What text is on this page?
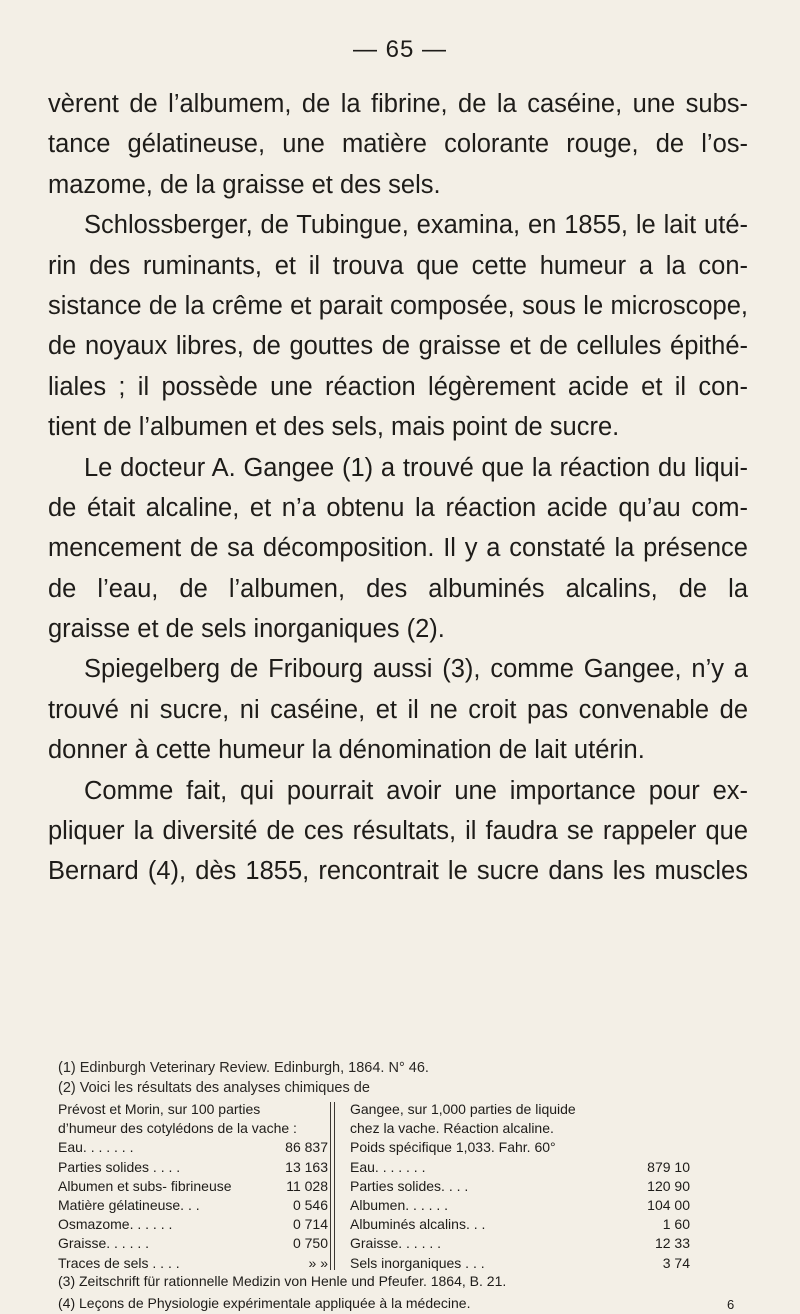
— 65 —
vèrent de l’albumem, de la fibrine, de la caséine, une subs-
tance gélatineuse, une matière colorante rouge, de l’os-
mazome, de la graisse et des sels.
Schlossberger, de Tubingue, examina, en 1855, le lait uté-
rin des ruminants, et il trouva que cette humeur a la con-
sistance de la crême et parait composée, sous le microscope,
de noyaux libres, de gouttes de graisse et de cellules épithé-
liales ; il possède une réaction légèrement acide et il con-
tient de l’albumen et des sels, mais point de sucre.
Le docteur A. Gangee (1) a trouvé que la réaction du liqui-
de était alcaline, et n’a obtenu la réaction acide qu’au com-
mencement de sa décomposition. Il y a constaté la présence
de l’eau, de l’albumen, des albuminés alcalins, de la
graisse et de sels inorganiques (2).
Spiegelberg de Fribourg aussi (3), comme Gangee, n’y a
trouvé ni sucre, ni caséine, et il ne croit pas convenable de
donner à cette humeur la dénomination de lait utérin.
Comme fait, qui pourrait avoir une importance pour ex-
pliquer la diversité de ces résultats, il faudra se rappeler que
Bernard (4), dès 1855, rencontrait le sucre dans les muscles
(1) Edinburgh Veterinary Review. Edinburgh, 1864. N° 46.
(2) Voici les résultats des analyses chimiques de
Prévost et Morin, sur 100 parties
d’humeur des cotylédons de la vache :
Eau. . . . . . .	86 837
Parties solides . . . .	13 163
Albumen et subs- fibrineuse	11 028
Matière gélatineuse. . .	0 546
Osmazome. . . . . .	0 714
Graisse. . . . . .	0 750
Traces de sels . . . .	» »
Gangee, sur 1,000 parties de liquide
chez la vache. Réaction alcaline.
Poids spécifique 1,033. Fahr. 60°
Eau. . . . . . .	879 10
Parties solides. . . .	120 90
Albumen. . . . . .	104 00
Albuminés alcalins. . .	1 60
Graisse. . . . . .	12 33
Sels inorganiques . . .	3 74
(3) Zeitschrift für rationnelle Medizin von Henle und Pfeufer. 1864, B. 21.
(4) Leçons de Physiologie expérimentale appliquée à la médecine.	6
